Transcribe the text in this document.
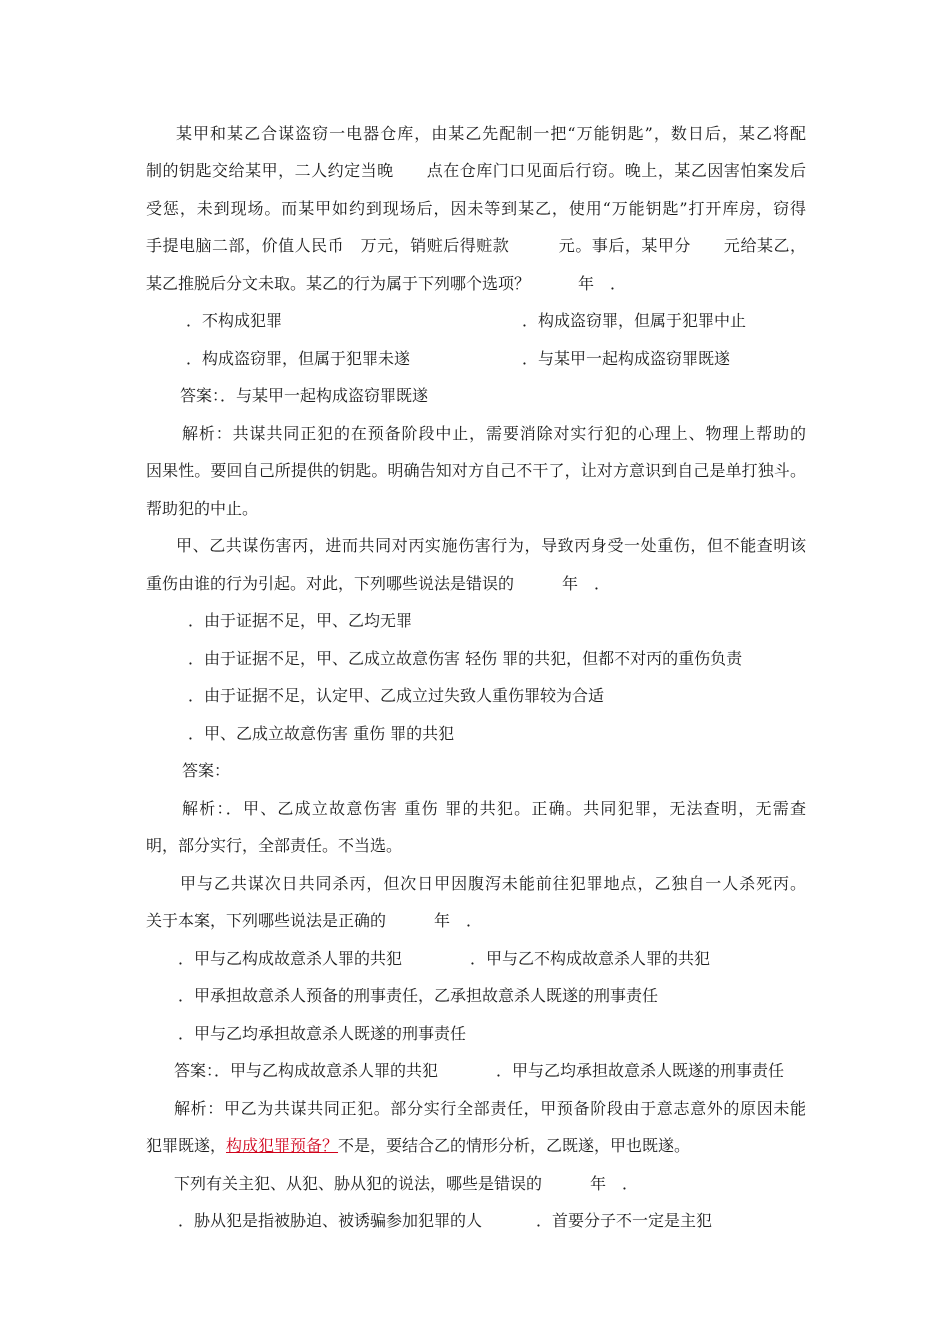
某甲和某乙合谋盗窃一电器仓库，由某乙先配制一把“万能钥匙”，数日后，某乙将配
制的钥匙交给某甲，二人约定当晚　　点在仓库门口见面后行窃。晚上，某乙因害怕案发后
受惩，未到现场。而某甲如约到现场后，因未等到某乙，使用“万能钥匙”打开库房，窃得
手提电脑二部，价值人民币　万元，销赃后得赃款　　　元。事后，某甲分　　元给某乙，
某乙推脱后分文未取。某乙的行为属于下列哪个选项？　　　年　．
．不构成犯罪	．构成盗窃罪，但属于犯罪中止
．构成盗窃罪，但属于犯罪未遂	．与某甲一起构成盗窃罪既遂
答案：．与某甲一起构成盗窃罪既遂
解析：共谋共同正犯的在预备阶段中止，需要消除对实行犯的心理上、物理上帮助的
因果性。要回自己所提供的钥匙。明确告知对方自己不干了，让对方意识到自己是单打独斗。
帮助犯的中止。
甲、乙共谋伤害丙，进而共同对丙实施伤害行为，导致丙身受一处重伤，但不能查明该
重伤由谁的行为引起。对此，下列哪些说法是错误的　　　年　．
．由于证据不足，甲、乙均无罪
．由于证据不足，甲、乙成立故意伤害 轻伤 罪的共犯，但都不对丙的重伤负责
．由于证据不足，认定甲、乙成立过失致人重伤罪较为合适
．甲、乙成立故意伤害 重伤 罪的共犯
答案：
解析：．甲、乙成立故意伤害 重伤 罪的共犯。正确。共同犯罪，无法查明，无需查
明，部分实行，全部责任。不当选。
甲与乙共谋次日共同杀丙，但次日甲因腹泻未能前往犯罪地点，乙独自一人杀死丙。
关于本案，下列哪些说法是正确的　　　年　．
．甲与乙构成故意杀人罪的共犯	．甲与乙不构成故意杀人罪的共犯
．甲承担故意杀人预备的刑事责任，乙承担故意杀人既遂的刑事责任
．甲与乙均承担故意杀人既遂的刑事责任
答案：．甲与乙构成故意杀人罪的共犯	．甲与乙均承担故意杀人既遂的刑事责任
解析：甲乙为共谋共同正犯。部分实行全部责任，甲预备阶段由于意志意外的原因未能
犯罪既遂，构成犯罪预备？不是，要结合乙的情形分析，乙既遂，甲也既遂。
下列有关主犯、从犯、胁从犯的说法，哪些是错误的　　　年　．
．胁从犯是指被胁迫、被诱骗参加犯罪的人	．首要分子不一定是主犯
